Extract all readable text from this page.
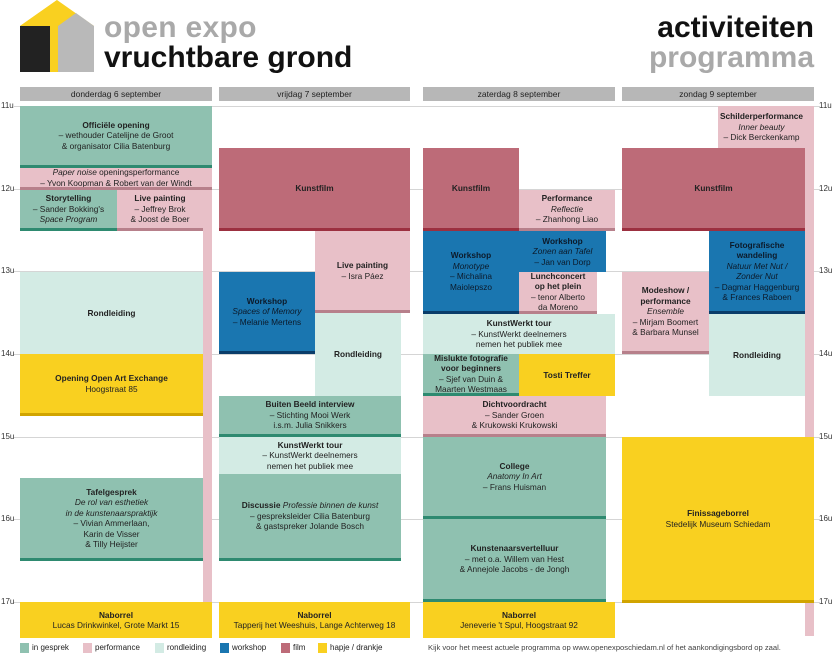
open expo
vruchtbare grond
activiteiten
programma
donderdag 6 september	vrijdag 7 september	zaterdag 8 september	zondag 9 september
11u
12u
13u
14u
15u
16u
17u
11u
12u
13u
14u
15u
16u
17u
Officiële opening
– wethouder Catelijne de Groot
& organisator Cilia Batenburg
Paper noise openingsperformance
– Yvon Koopman & Robert van der Windt
Storytelling
– Sander Bokking's
Space Program
Live painting
– Jeffrey Brok
& Joost de Boer
Rondleiding
Opening Open Art Exchange
Hoogstraat 85
Tafelgesprek
De rol van esthetiek
in de kunstenaarspraktijk
– Vivian Ammerlaan,
Karin de Visser
& Tilly Heijster
Naborrel
Lucas Drinkwinkel, Grote Markt 15
Kunstfilm
Workshop
Spaces of Memory
– Melanie Mertens
Live painting
– Isra Páez
Rondleiding
Buiten Beeld interview
– Stichting Mooi Werk
i.s.m. Julia Snikkers
KunstWerkt tour
– KunstWerkt deelnemers
nemen het publiek mee
Discussie Professie binnen de kunst
– gespreksleider Cilia Batenburg
& gastspreker Jolande Bosch
Naborrel
Tapperij het Weeshuis, Lange Achterweg 18
Kunstfilm
Performance
Reflectie
– Zhanhong Liao
Workshop
Monotype
– Michalina
Maiolepszo
Workshop
Zonen aan Tafel
– Jan van Dorp
Lunchconcert
op het plein
– tenor Alberto
da Moreno
KunstWerkt tour
– KunstWerkt deelnemers
nemen het publiek mee
Mislukte fotografie
voor beginners
– Sjef van Duin &
Maarten Westmaas
Tosti Treffer
Dichtvoordracht
– Sander Groen
& Krukowski Krukowski
College
Anatomy In Art
– Frans Huisman
Kunstenaarsvertelluur
– met o.a. Willem van Hest
& Annejole Jacobs - de Jongh
Naborrel
Jeneverie 't Spul, Hoogstraat 92
Schilderperformance
Inner beauty
– Dick Berckenkamp
Kunstfilm
Fotografische
wandeling
Natuur Met Nut /
Zonder Nut
– Dagmar Haggenburg
& Frances Raboen
Modeshow /
performance
Ensemble
– Mirjam Boomert
& Barbara Munsel
Rondleiding
Finissageborrel
Stedelijk Museum Schiedam
in gesprek	performance	rondleiding	workshop	film	hapje / drankje	Kijk voor het meest actuele programma op www.openexposchiedam.nl of het aankondigingsbord op zaal.
